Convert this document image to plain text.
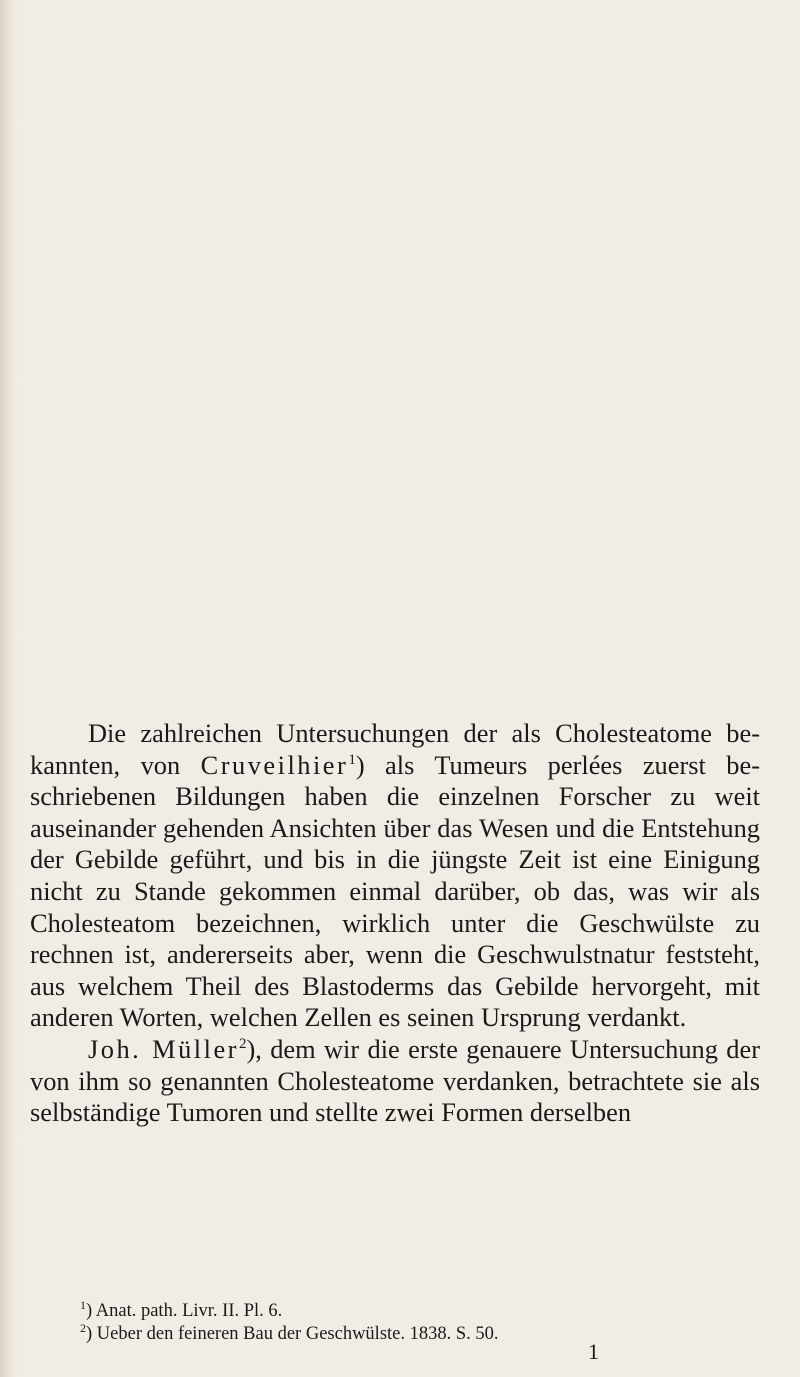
Die zahlreichen Untersuchungen der als Cholesteatome bekannten, von Cruveilhier$^1$) als Tumeurs perlées zuerst beschriebenen Bildungen haben die einzelnen Forscher zu weit auseinander gehenden Ansichten über das Wesen und die Entstehung der Gebilde geführt, und bis in die jüngste Zeit ist eine Einigung nicht zu Stande gekommen einmal darüber, ob das, was wir als Cholesteatom bezeichnen, wirklich unter die Geschwülste zu rechnen ist, andererseits aber, wenn die Geschwulstnatur feststeht, aus welchem Theil des Blastoderms das Gebilde hervorgeht, mit anderen Worten, welchen Zellen es seinen Ursprung verdankt.

Joh. Müller$^2$), dem wir die erste genauere Untersuchung der von ihm so genannten Cholesteatome verdanken, betrachtete sie als selbständige Tumoren und stellte zwei Formen derselben

$^1$) Anat. path. Livr. II. Pl. 6.

$^2$) Ueber den feineren Bau der Geschwülste. 1838. S. 50.

1
